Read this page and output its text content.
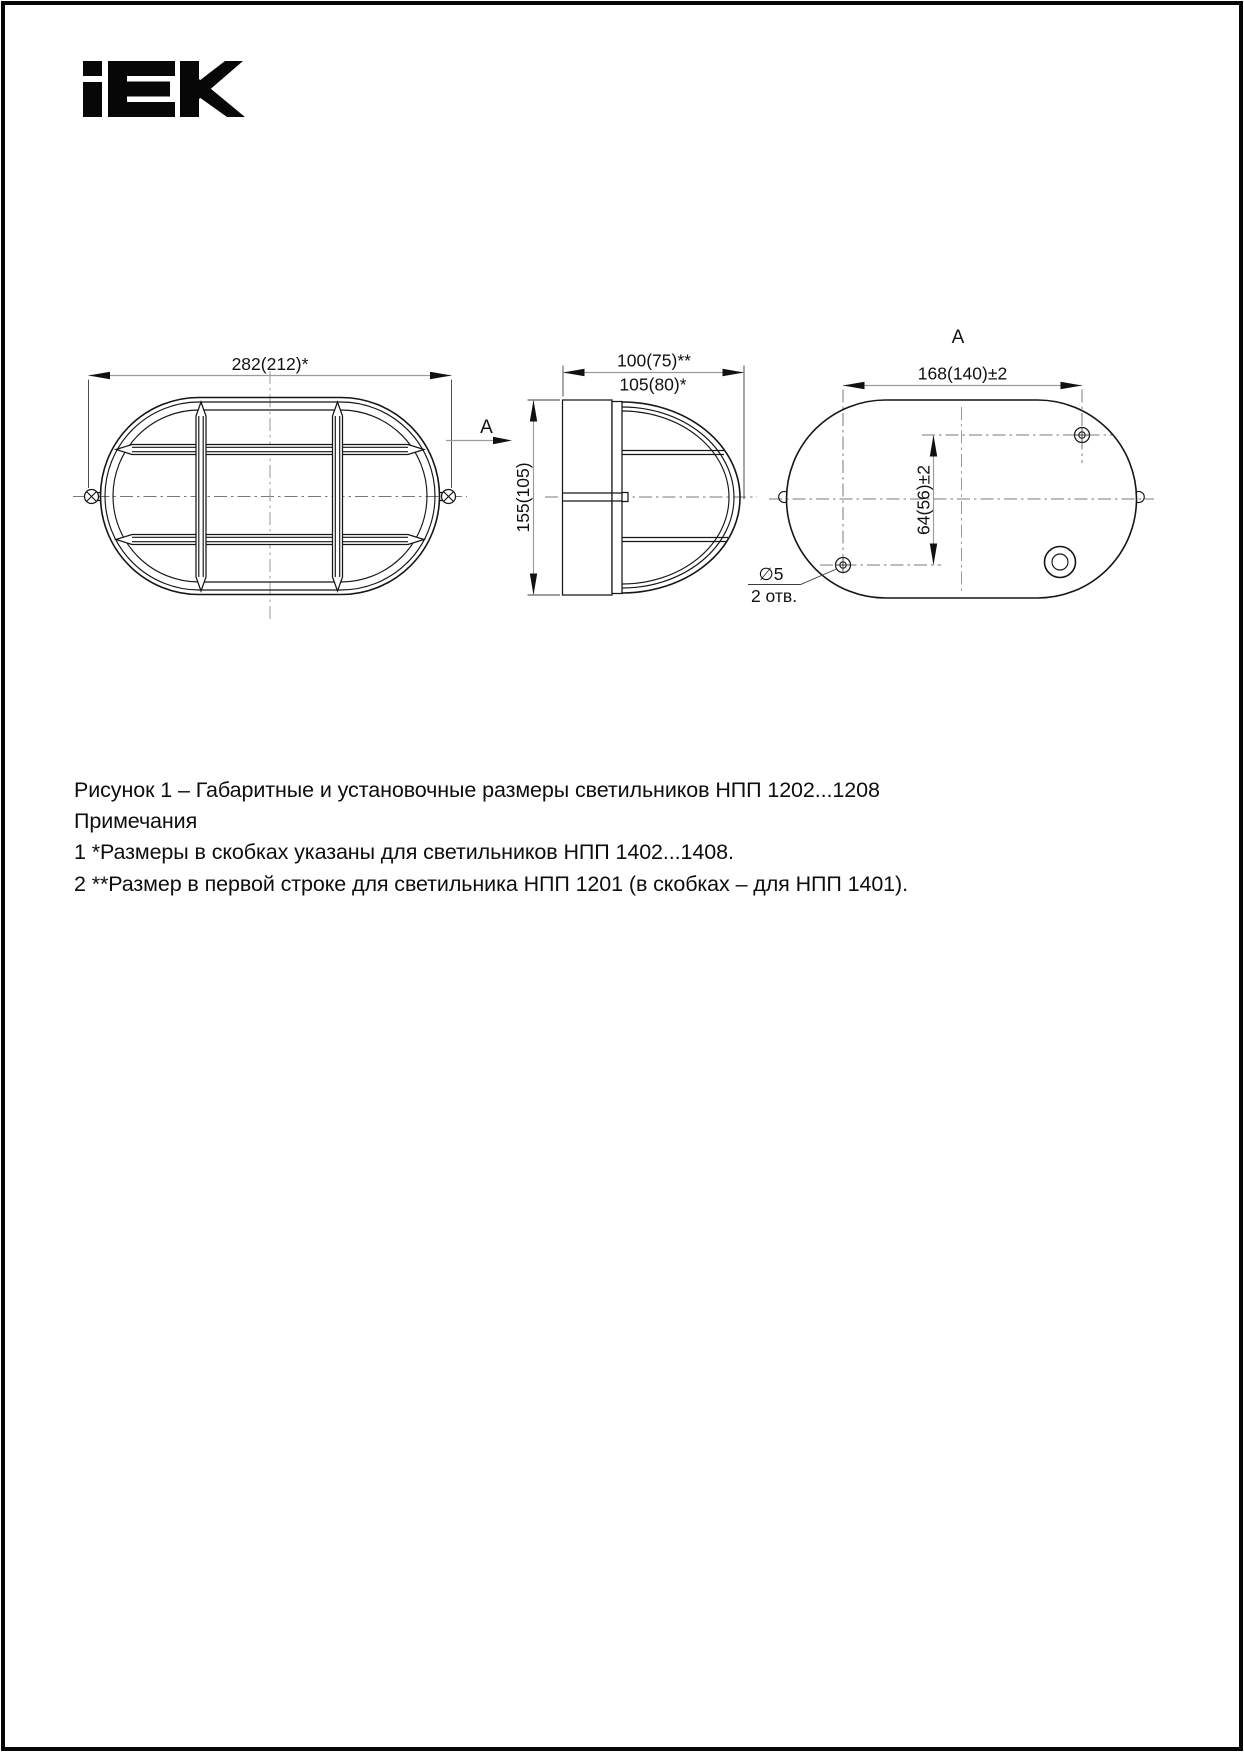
282(212)*
A
100(75)**
105(80)*
155(105)
A
168(140)±2
64(56)±2
∅5
2 отв.
Рисунок 1 – Габаритные и установочные размеры светильников НПП 1202...1208
Примечания
1 *Размеры в скобках указаны для светильников НПП 1402...1408.
2 **Размер в первой строке для светильника НПП 1201 (в скобках – для НПП 1401).
